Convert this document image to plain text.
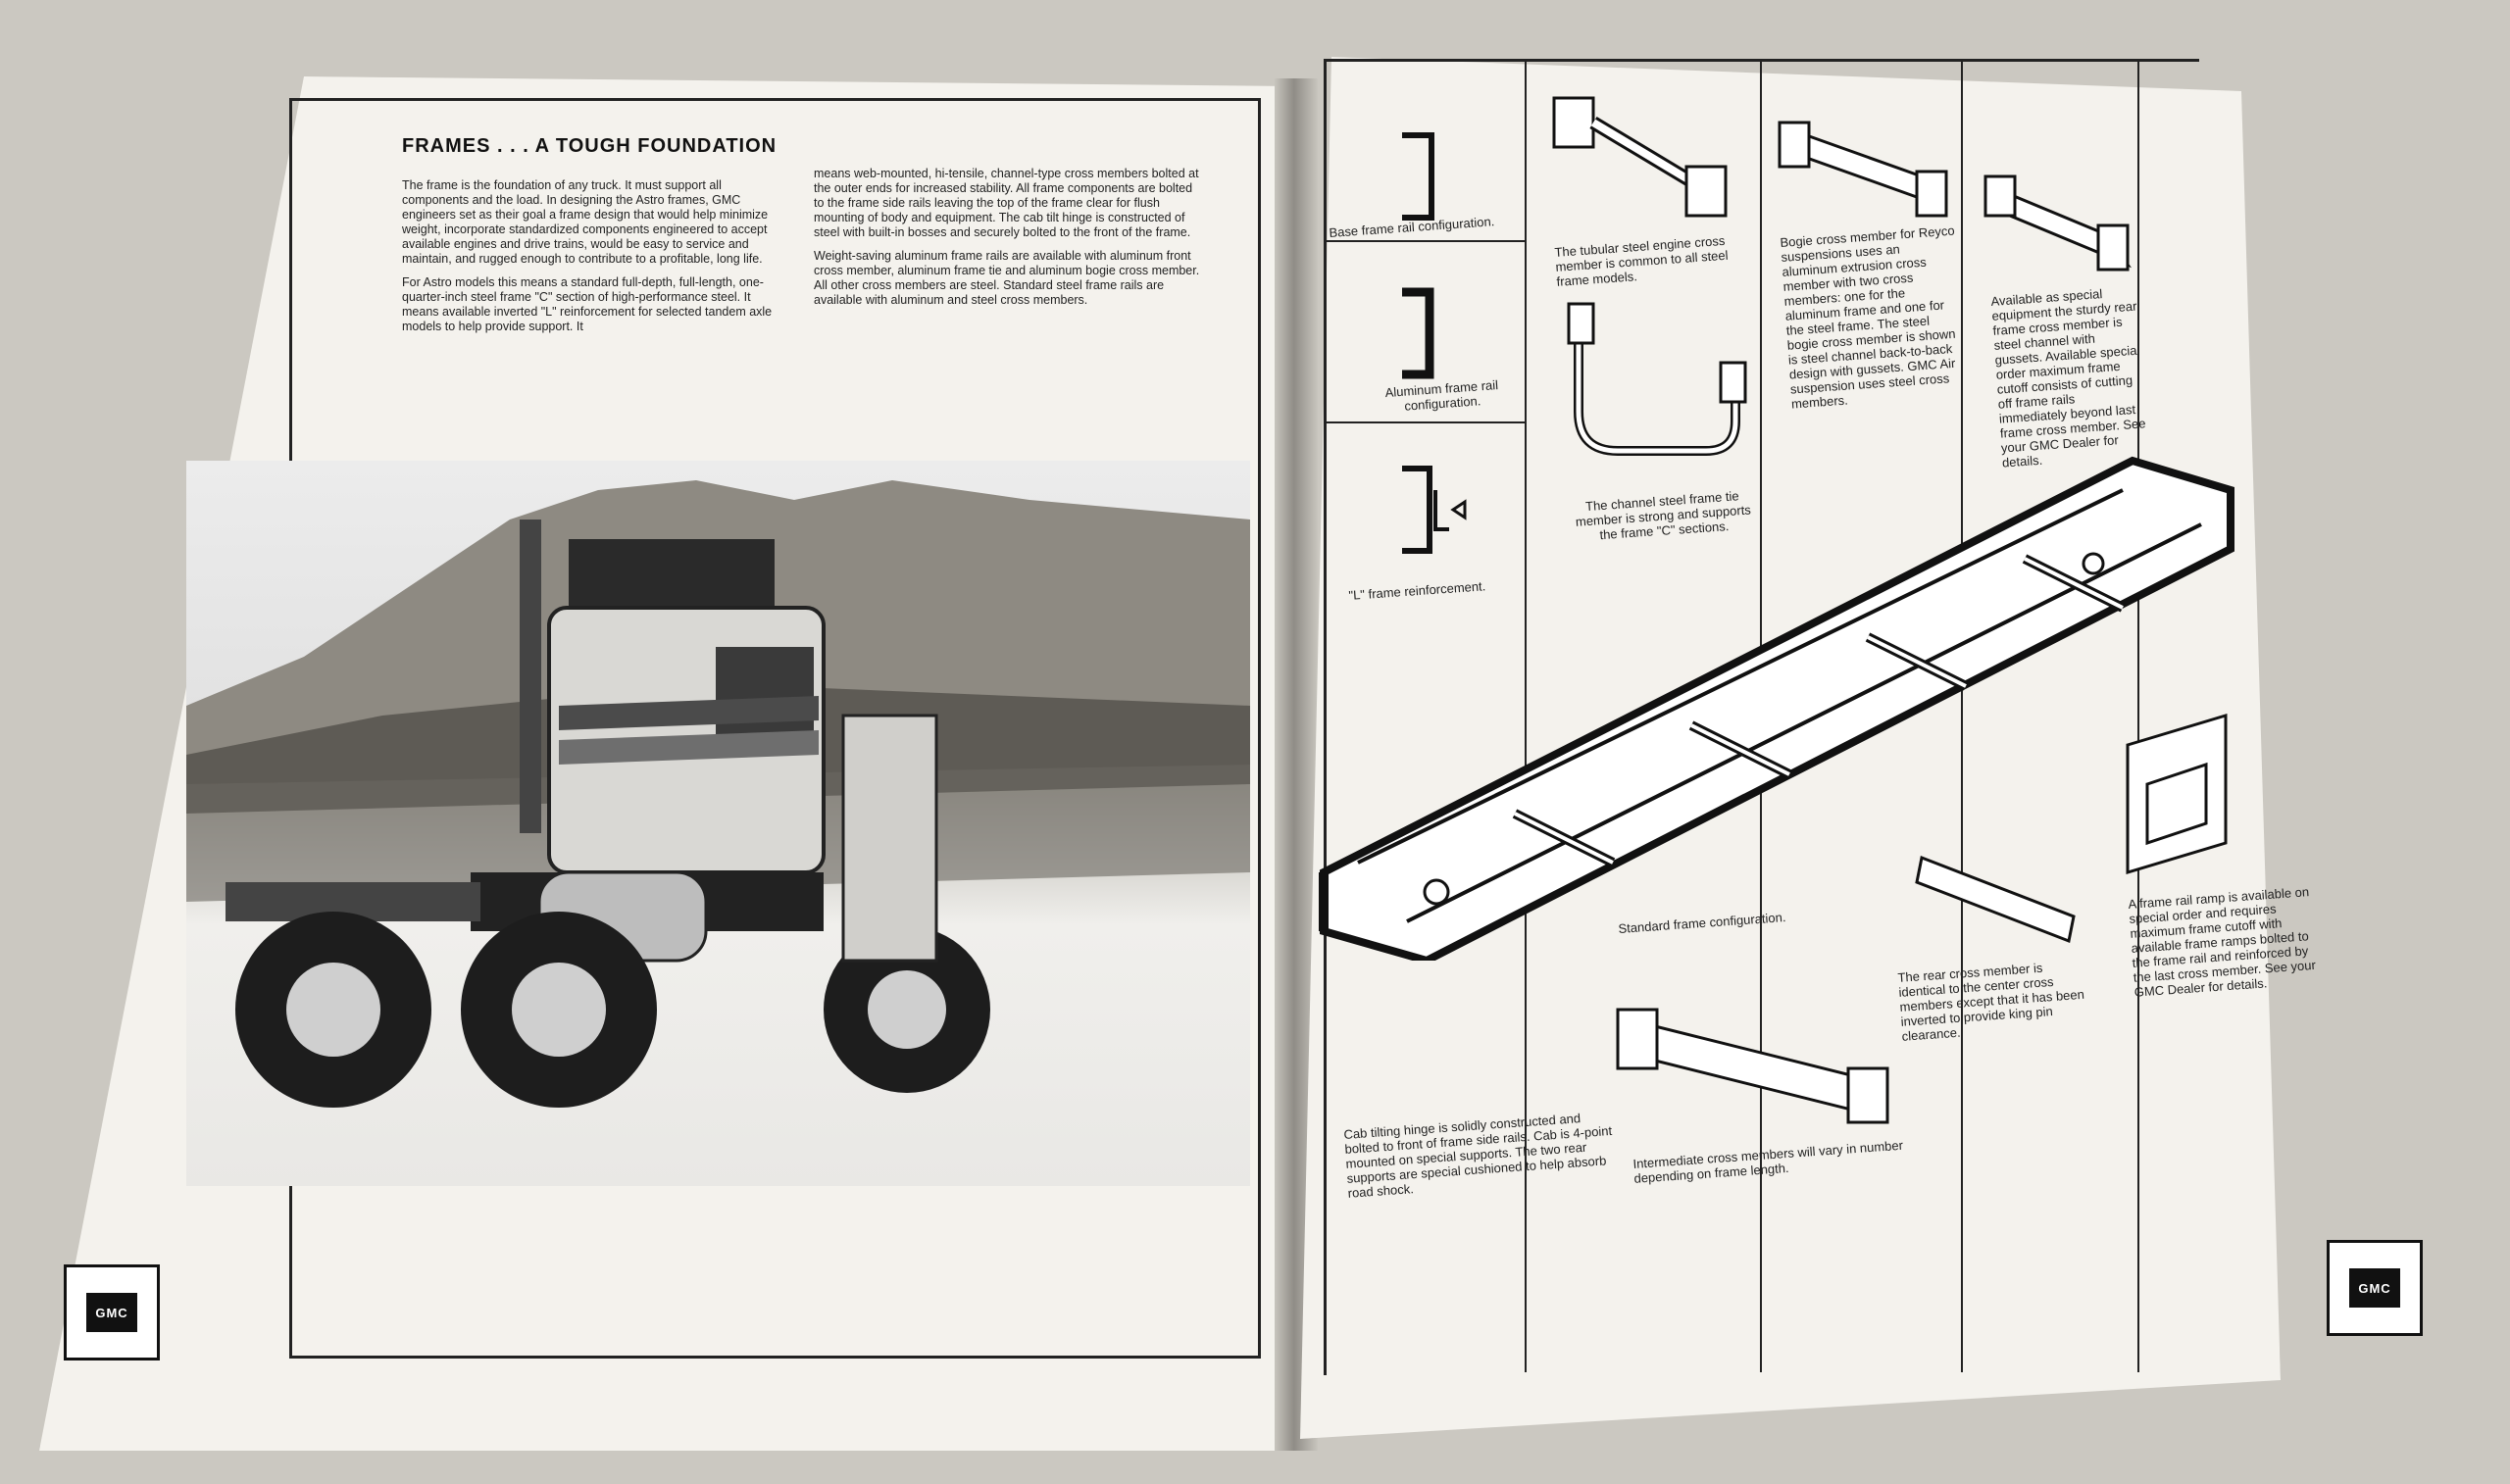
FRAMES . . . A TOUGH FOUNDATION

The frame is the foundation of any truck. It must support all components and the load. In designing the Astro frames, GMC engineers set as their goal a frame design that would help minimize weight, incorporate standardized components engineered to accept available engines and drive trains, would be easy to service and maintain, and rugged enough to contribute to a profitable, long life.

For Astro models this means a standard full-depth, full-length, one-quarter-inch steel frame "C" section of high-performance steel. It means available inverted "L" reinforcement for selected tandem axle models to help provide support. It

means web-mounted, hi-tensile, channel-type cross members bolted at the outer ends for increased stability. All frame components are bolted to the frame side rails leaving the top of the frame clear for flush mounting of body and equipment. The cab tilt hinge is constructed of steel with built-in bosses and securely bolted to the front of the frame.

Weight-saving aluminum frame rails are available with aluminum front cross member, aluminum frame tie and aluminum bogie cross member. All other cross members are steel. Standard steel frame rails are available with aluminum and steel cross members.

GMC
Base frame rail configuration.
Aluminum frame rail configuration.
"L" frame reinforcement.
The tubular steel engine cross member is common to all steel frame models.
The channel steel frame tie member is strong and supports the frame "C" sections.
Bogie cross member for Reyco suspensions uses an aluminum extrusion cross member with two cross members: one for the aluminum frame and one for the steel frame. The steel bogie cross member is shown is steel channel back-to-back design with gussets. GMC Air suspension uses steel cross members.
Available as special equipment the sturdy rear frame cross member is steel channel with gussets. Available special order maximum frame cutoff consists of cutting off frame rails immediately beyond last frame cross member. See your GMC Dealer for details.
Standard frame configuration.
Intermediate cross members will vary in number depending on frame length.
The rear cross member is identical to the center cross members except that it has been inverted to provide king pin clearance.
A frame rail ramp is available on special order and requires maximum frame cutoff with available frame ramps bolted to the frame rail and reinforced by the last cross member. See your GMC Dealer for details.
Cab tilting hinge is solidly constructed and bolted to front of frame side rails. Cab is 4-point mounted on special supports. The two rear supports are special cushioned to help absorb road shock.
GMC
